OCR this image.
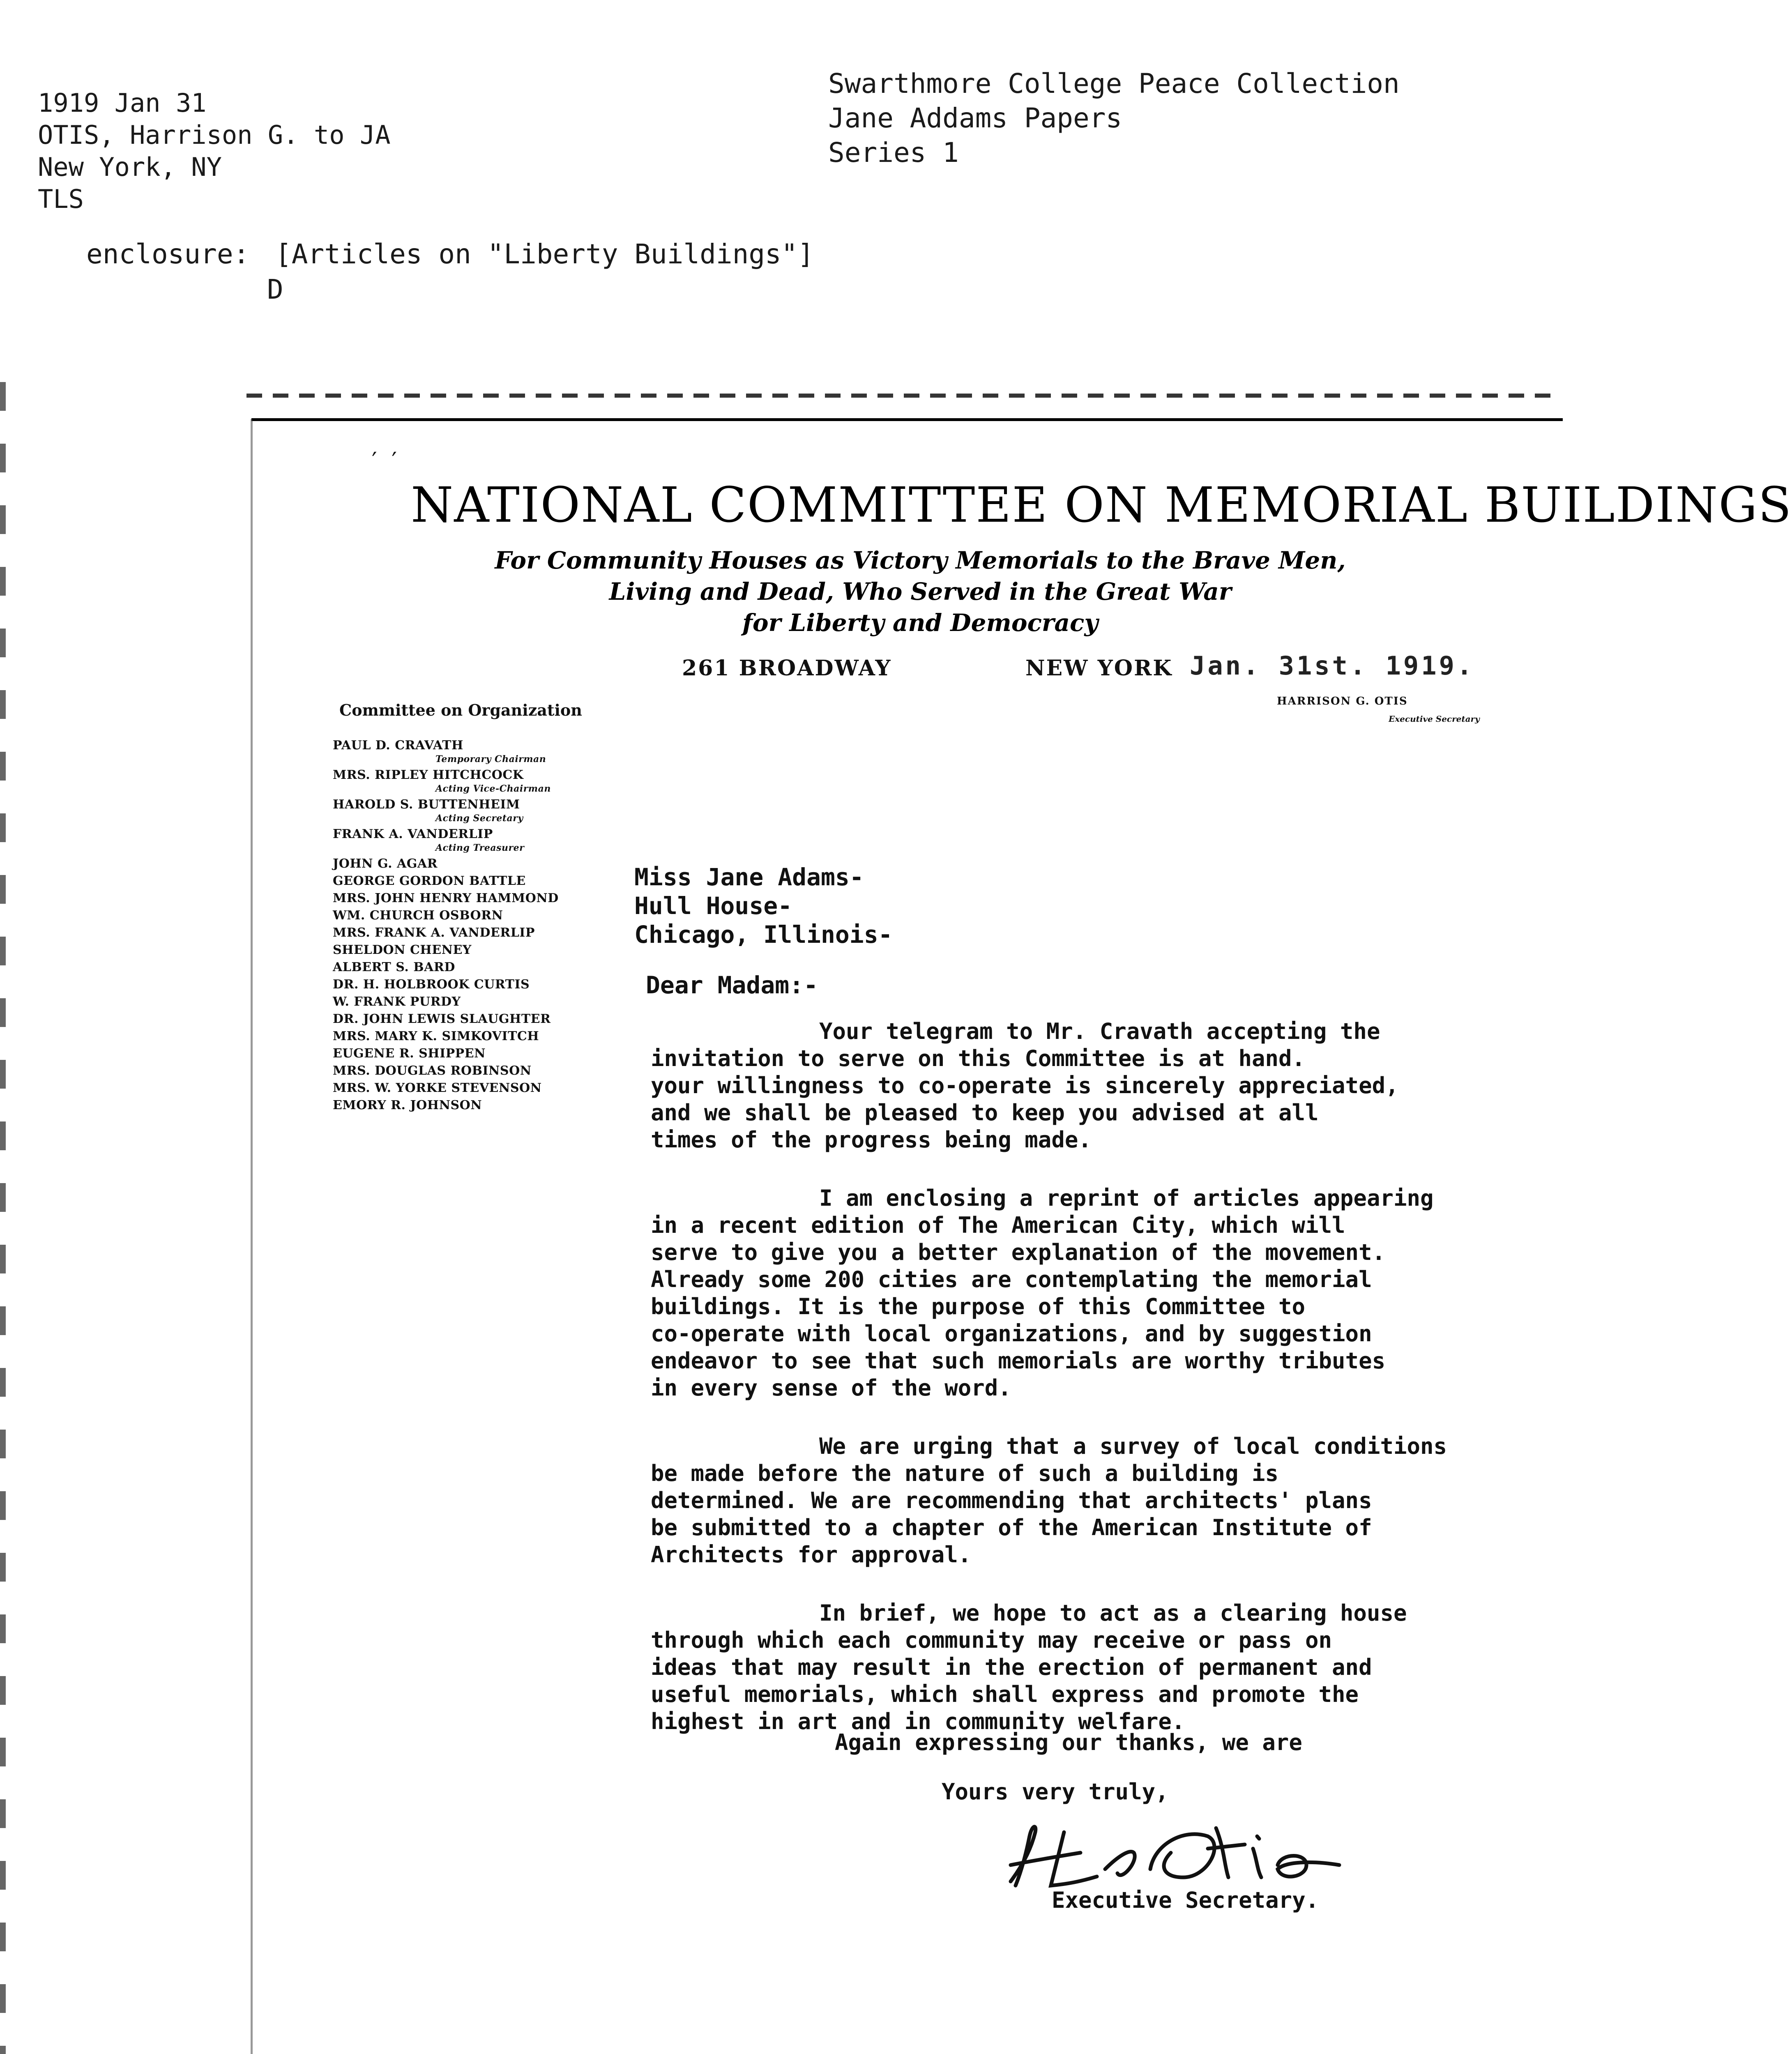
′  ′
1919 Jan 31
OTIS, Harrison G. to JA
New York, NY
TLS
Swarthmore College Peace Collection
Jane Addams Papers
Series 1
enclosure: [Articles on "Liberty Buildings"]
D
NATIONAL COMMITTEE ON MEMORIAL BUILDINGS
For Community Houses as Victory Memorials to the Brave Men,
Living and Dead, Who Served in the Great War
for Liberty and Democracy
261 BROADWAY	NEW YORK Jan. 31st. 1919.
HARRISON G. OTIS
Executive Secretary
Committee on Organization
PAUL D. CRAVATH
Temporary Chairman
MRS. RIPLEY HITCHCOCK
Acting Vice-Chairman
HAROLD S. BUTTENHEIM
Acting Secretary
FRANK A. VANDERLIP
Acting Treasurer
JOHN G. AGAR
GEORGE GORDON BATTLE
MRS. JOHN HENRY HAMMOND
WM. CHURCH OSBORN
MRS. FRANK A. VANDERLIP
SHELDON CHENEY
ALBERT S. BARD
DR. H. HOLBROOK CURTIS
W. FRANK PURDY
DR. JOHN LEWIS SLAUGHTER
MRS. MARY K. SIMKOVITCH
EUGENE R. SHIPPEN
MRS. DOUGLAS ROBINSON
MRS. W. YORKE STEVENSON
EMORY R. JOHNSON
Miss Jane Adams-
Hull House-
Chicago, Illinois-
Dear Madam:-

Your telegram to Mr. Cravath accepting the
invitation to serve on this Committee is at hand.
your willingness to co-operate is sincerely appreciated,
and we shall be pleased to keep you advised at all
times of the progress being made.

I am enclosing a reprint of articles appearing
in a recent edition of The American City, which will
serve to give you a better explanation of the movement.
Already some 200 cities are contemplating the memorial
buildings. It is the purpose of this Committee to
co-operate with local organizations, and by suggestion
endeavor to see that such memorials are worthy tributes
in every sense of the word.

We are urging that a survey of local conditions
be made before the nature of such a building is
determined. We are recommending that architects' plans
be submitted to a chapter of the American Institute of
Architects for approval.

In brief, we hope to act as a clearing house
through which each community may receive or pass on
ideas that may result in the erection of permanent and
useful memorials, which shall express and promote the
highest in art and in community welfare.

Again expressing our thanks, we are
Yours very truly,
Executive Secretary.
